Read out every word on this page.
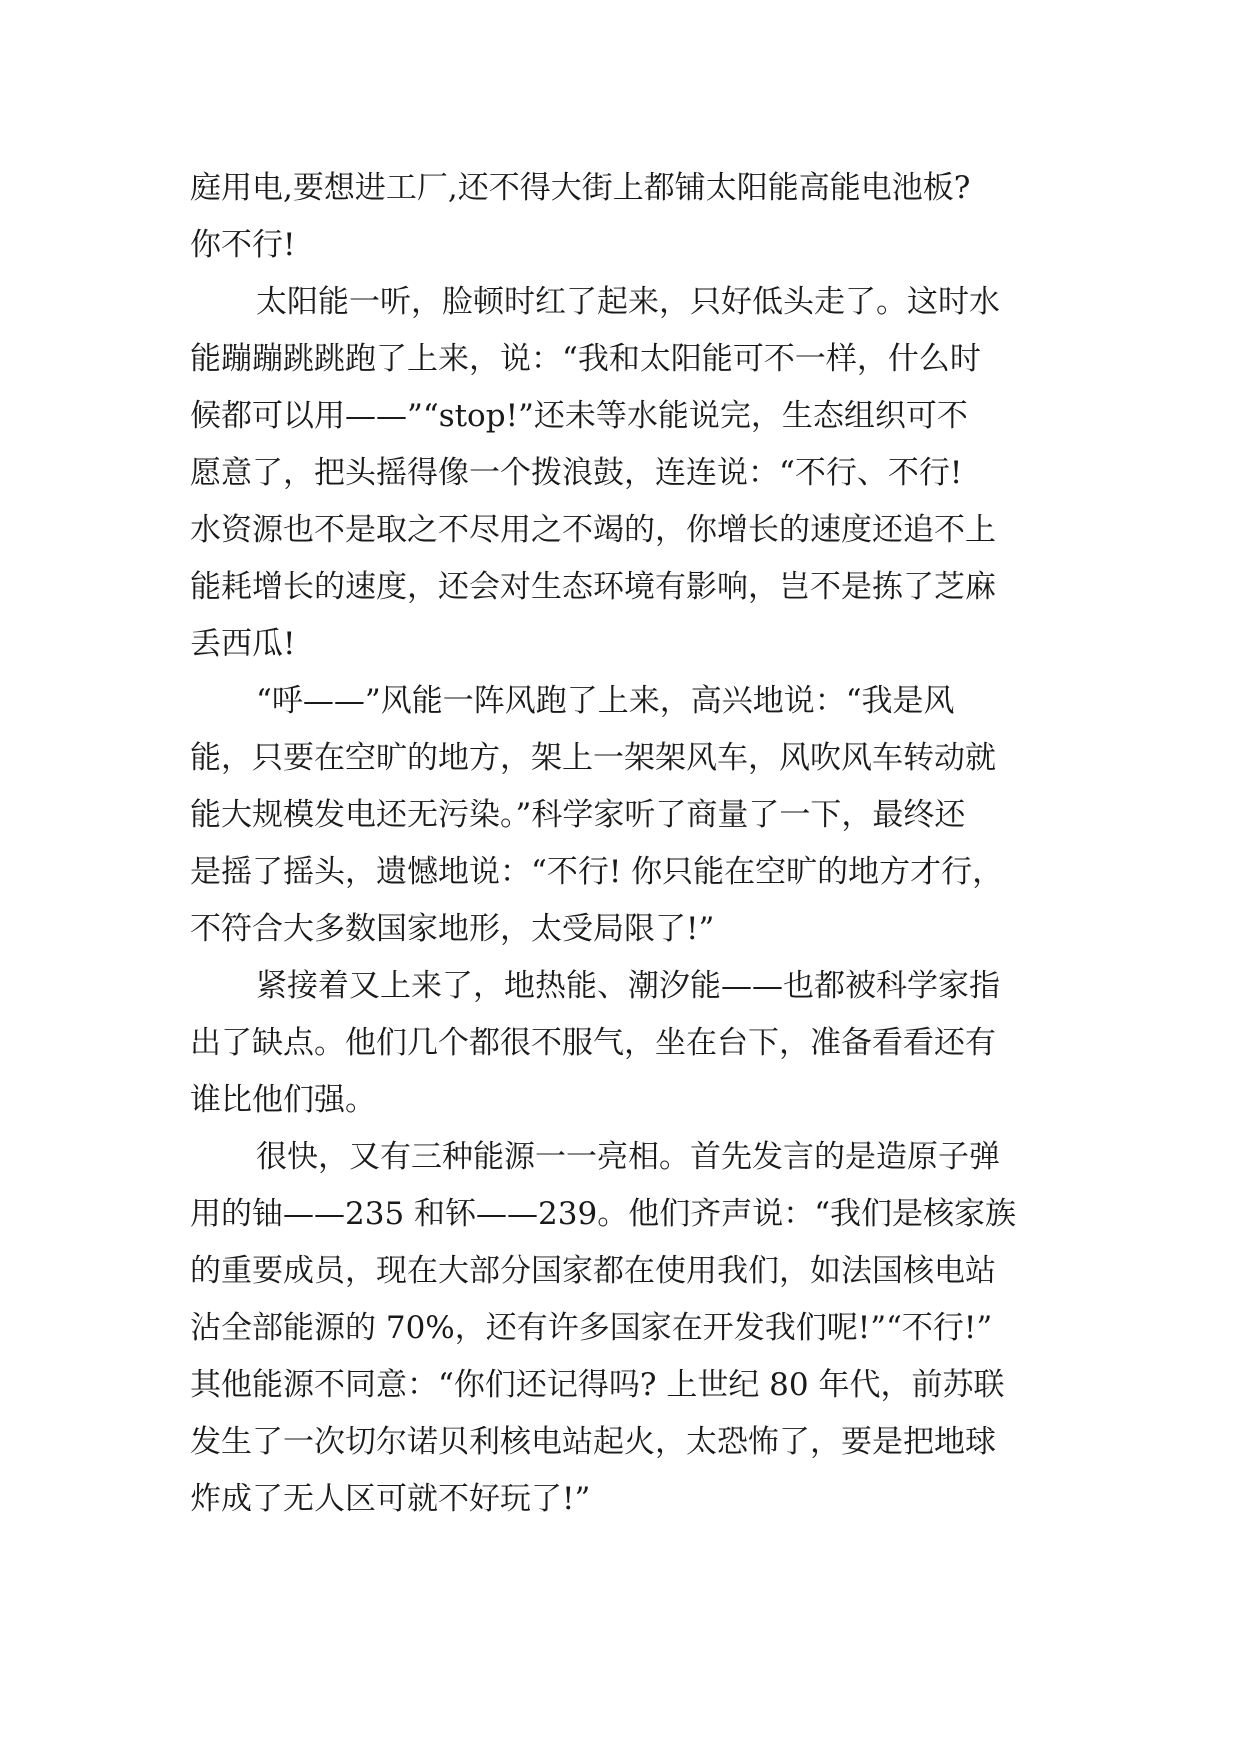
庭用电,要想进工厂,还不得大街上都铺太阳能高能电池板?
你不行!
太阳能一听，脸顿时红了起来，只好低头走了。这时水
能蹦蹦跳跳跑了上来，说：“我和太阳能可不一样，什么时
候都可以用——”“stop!”还未等水能说完，生态组织可不
愿意了，把头摇得像一个拨浪鼓，连连说：“不行、不行!
水资源也不是取之不尽用之不竭的，你增长的速度还追不上
能耗增长的速度，还会对生态环境有影响，岂不是拣了芝麻
丢西瓜!
“呼——”风能一阵风跑了上来，高兴地说：“我是风
能，只要在空旷的地方，架上一架架风车，风吹风车转动就
能大规模发电还无污染。”科学家听了商量了一下，最终还
是摇了摇头，遗憾地说：“不行! 你只能在空旷的地方才行，
不符合大多数国家地形，太受局限了!”
紧接着又上来了，地热能、潮汐能——也都被科学家指
出了缺点。他们几个都很不服气，坐在台下，准备看看还有
谁比他们强。
很快，又有三种能源一一亮相。首先发言的是造原子弹
用的铀——235 和钚——239。他们齐声说：“我们是核家族
的重要成员，现在大部分国家都在使用我们，如法国核电站
沾全部能源的 70%，还有许多国家在开发我们呢!”“不行!”
其他能源不同意：“你们还记得吗? 上世纪 80 年代，前苏联
发生了一次切尔诺贝利核电站起火，太恐怖了，要是把地球
炸成了无人区可就不好玩了!”
